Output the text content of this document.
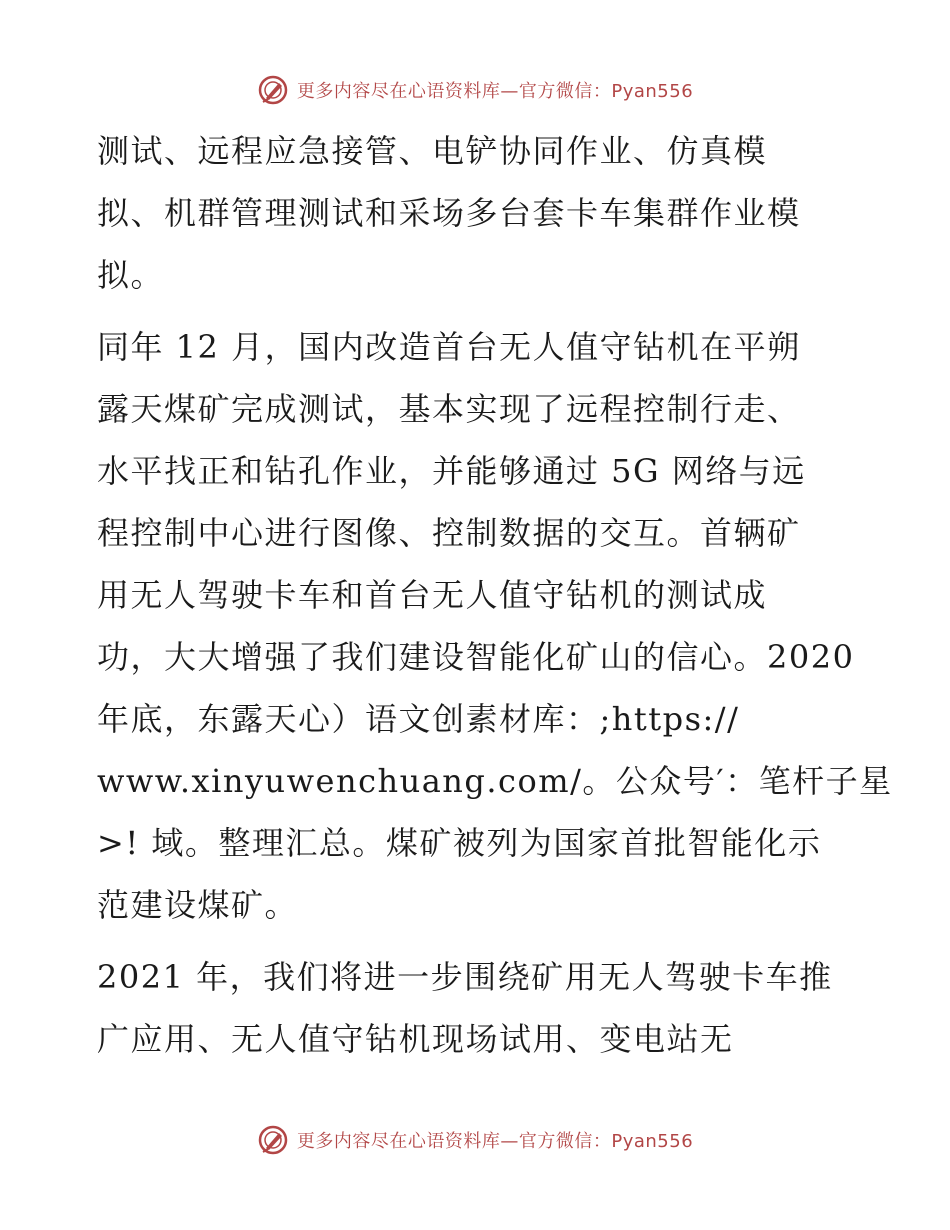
更多内容尽在心语资料库—官方微信：Pyan556
测试、远程应急接管、电铲协同作业、仿真模
拟、机群管理测试和采场多台套卡车集群作业模
拟。
同年 12 月，国内改造首台无人值守钻机在平朔
露天煤矿完成测试，基本实现了远程控制行走、
水平找正和钻孔作业，并能够通过 5G 网络与远
程控制中心进行图像、控制数据的交互。首辆矿
用无人驾驶卡车和首台无人值守钻机的测试成
功，大大增强了我们建设智能化矿山的信心。2020
年底，东露天心）语文创素材库：;https://
www.xinyuwenchuang.com/。公众号′：笔杆子星
>! 域。整理汇总。煤矿被列为国家首批智能化示
范建设煤矿。
2021 年，我们将进一步围绕矿用无人驾驶卡车推
广应用、无人值守钻机现场试用、变电站无
更多内容尽在心语资料库—官方微信：Pyan556
